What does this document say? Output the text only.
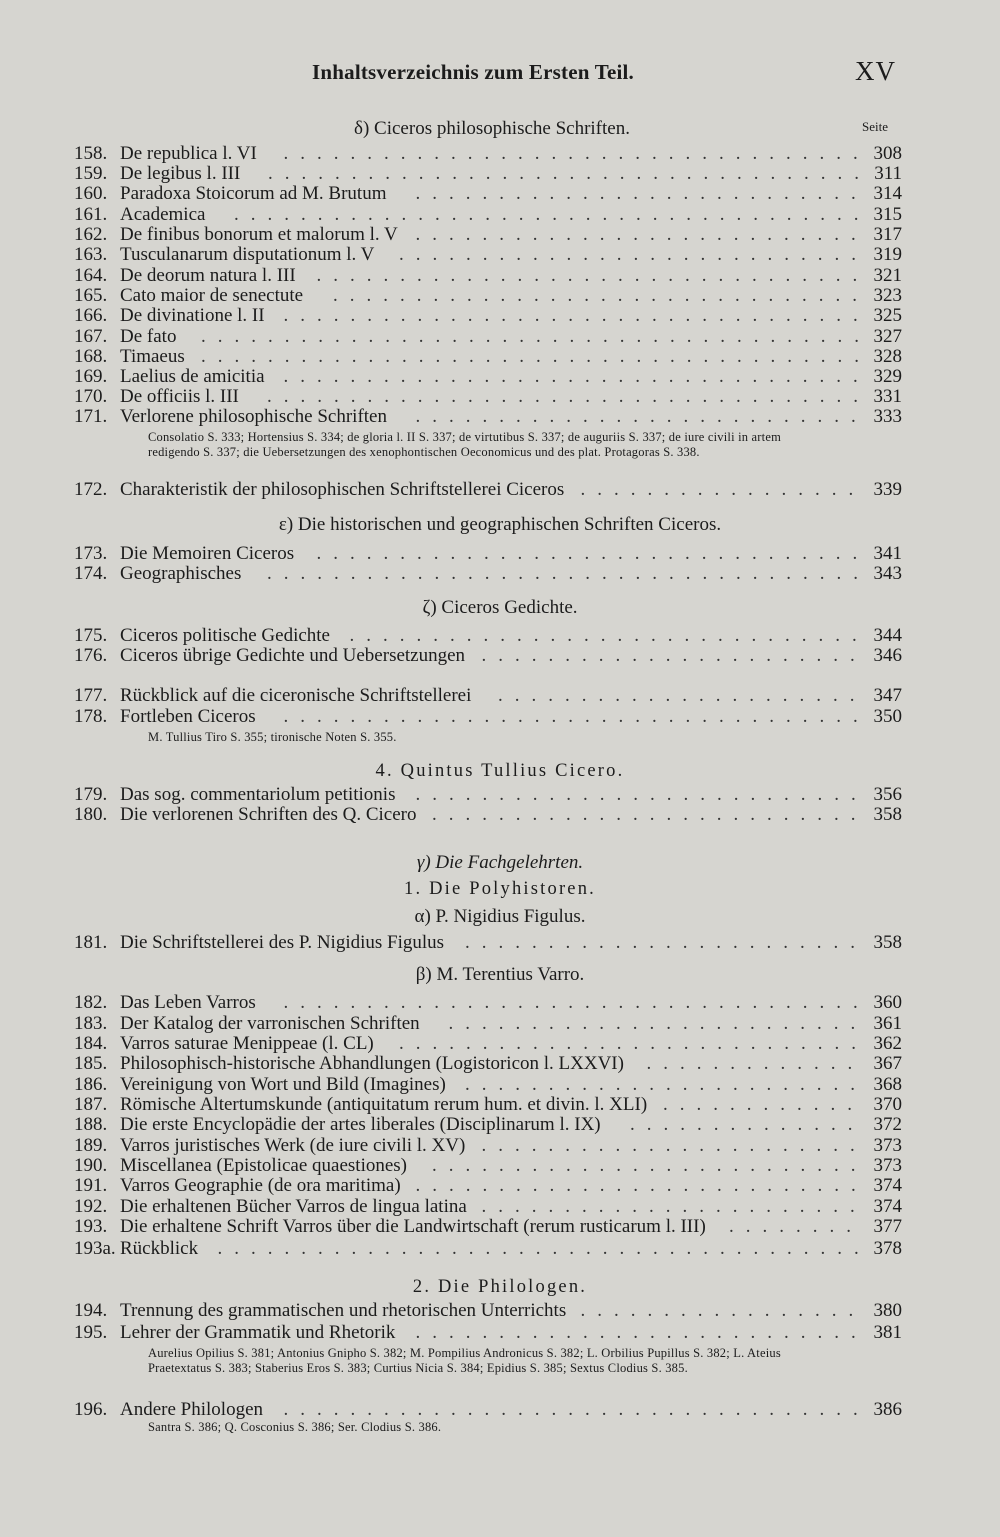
Inhaltsverzeichnis zum Ersten Teil.	XV
Seite
δ) Ciceros philosophische Schriften.
ε) Die historischen und geographischen Schriften Ciceros.
ζ) Ciceros Gedichte.
4. Quintus Tullius Cicero.
γ) Die Fachgelehrten.
1. Die Polyhistoren.
α) P. Nigidius Figulus.
β) M. Terentius Varro.
2. Die Philologen.
158. De republica l. VI	308
...................................
159. De legibus l. III	311
....................................
160. Paradoxa Stoicorum ad M. Brutum	314
...........................
161. Academica	315
......................................
162. De finibus bonorum et malorum l. V	317
...........................
163. Tusculanarum disputationum l. V	319
............................
164. De deorum natura l. III	321
.................................
165. Cato maior de senectute	323
................................
166. De divinatione l. II	325
...................................
167. De fato	327
........................................
168. Timaeus	328
........................................
169. Laelius de amicitia	329
...................................
170. De officiis l. III	331
....................................
171. Verlorene philosophische Schriften	333
...........................
172. Charakteristik der philosophischen Schriftstellerei Ciceros	339
.................
173. Die Memoiren Ciceros	341
.................................
174. Geographisches	343
....................................
175. Ciceros politische Gedichte	344
...............................
176. Ciceros übrige Gedichte und Uebersetzungen	346
.......................
177. Rückblick auf die ciceronische Schriftstellerei	347
......................
178. Fortleben Ciceros	350
...................................
179. Das sog. commentariolum petitionis	356
...........................
180. Die verlorenen Schriften des Q. Cicero	358
..........................
181. Die Schriftstellerei des P. Nigidius Figulus	358
........................
182. Das Leben Varros	360
...................................
183. Der Katalog der varronischen Schriften	361
.........................
184. Varros saturae Menippeae (l. CL)	362
............................
185. Philosophisch-historische Abhandlungen (Logistoricon l. LXXVI)	367
.............
186. Vereinigung von Wort und Bild (Imagines)	368
........................
187. Römische Altertumskunde (antiquitatum rerum hum. et divin. l. XLI)	370
............
188. Die erste Encyclopädie der artes liberales (Disciplinarum l. IX)	372
..............
189. Varros juristisches Werk (de iure civili l. XV)	373
.......................
190. Miscellanea (Epistolicae quaestiones)	373
..........................
191. Varros Geographie (de ora maritima)	374
...........................
192. Die erhaltenen Bücher Varros de lingua latina	374
.......................
193. Die erhaltene Schrift Varros über die Landwirtschaft (rerum rusticarum l. III)	377
........
193a. Rückblick	378
.......................................
194. Trennung des grammatischen und rhetorischen Unterrichts	380
.................
195. Lehrer der Grammatik und Rhetorik	381
...........................
196. Andere Philologen	386
...................................
Consolatio S. 333; Hortensius S. 334; de gloria l. II S. 337; de virtutibus S. 337; de auguriis S. 337; de iure civili in artem redigendo S. 337; die Uebersetzungen des xenophontischen Oeconomicus und des plat. Protagoras S. 338.
M. Tullius Tiro S. 355; tironische Noten S. 355.
Aurelius Opilius S. 381; Antonius Gnipho S. 382; M. Pompilius Andronicus S. 382; L. Orbilius Pupillus S. 382; L. Ateius Praetextatus S. 383; Staberius Eros S. 383; Curtius Nicia S. 384; Epidius S. 385; Sextus Clodius S. 385.
Santra S. 386; Q. Cosconius S. 386; Ser. Clodius S. 386.
